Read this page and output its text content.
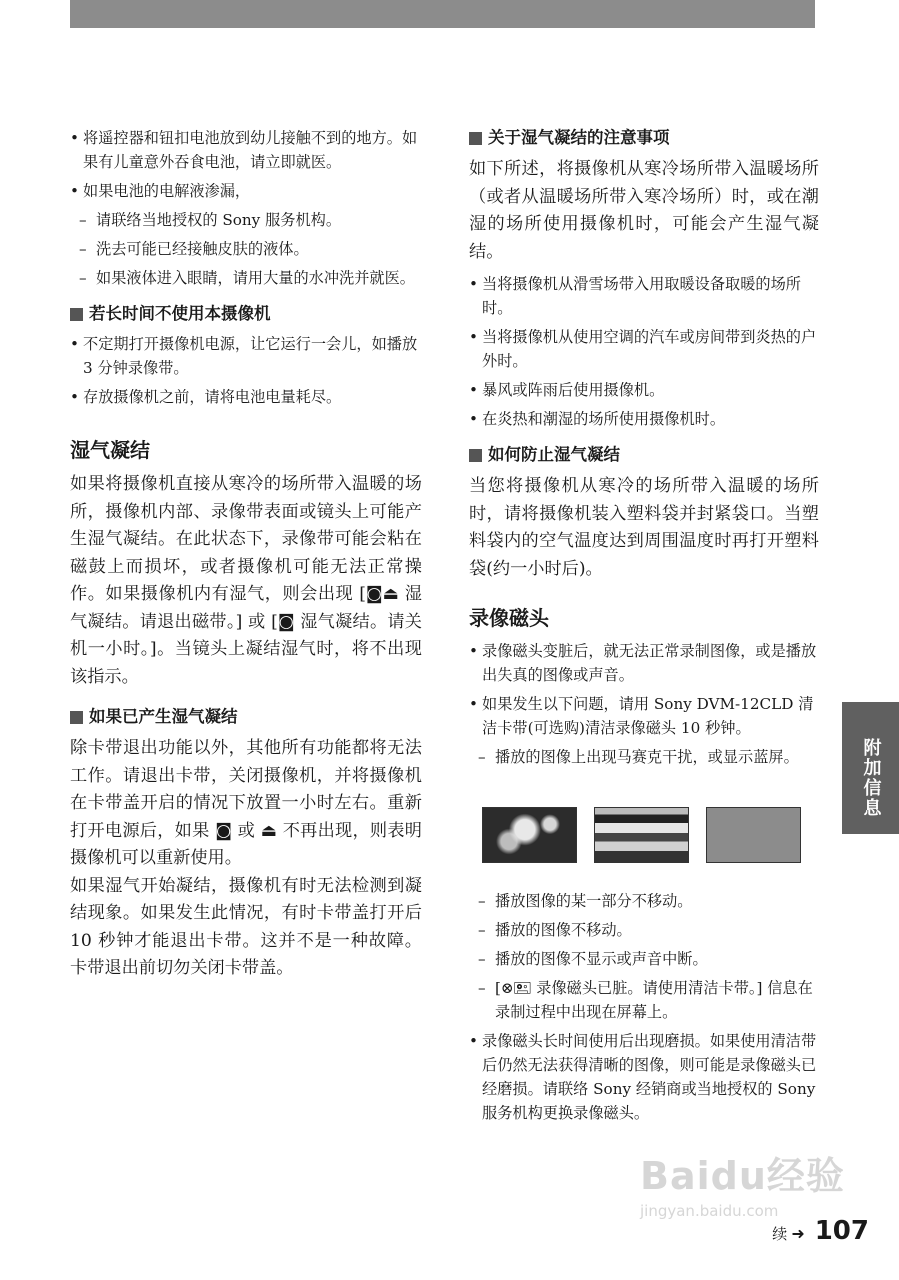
• 将遥控器和钮扣电池放到幼儿接触不到的地方。如果有儿童意外吞食电池，请立即就医。
• 如果电池的电解液渗漏，
– 请联络当地授权的 Sony 服务机构。
– 洗去可能已经接触皮肤的液体。
– 如果液体进入眼睛，请用大量的水冲洗并就医。
若长时间不使用本摄像机
• 不定期打开摄像机电源，让它运行一会儿，如播放 3 分钟录像带。
• 存放摄像机之前，请将电池电量耗尽。
湿气凝结

如果将摄像机直接从寒冷的场所带入温暖的场所，摄像机内部、录像带表面或镜头上可能产生湿气凝结。在此状态下，录像带可能会粘在磁鼓上而损坏，或者摄像机可能无法正常操作。如果摄像机内有湿气，则会出现 [◙⏏ 湿气凝结。请退出磁带。] 或 [◙ 湿气凝结。请关机一小时。]。当镜头上凝结湿气时，将不出现该指示。

如果已产生湿气凝结

除卡带退出功能以外，其他所有功能都将无法工作。请退出卡带，关闭摄像机，并将摄像机在卡带盖开启的情况下放置一小时左右。重新打开电源后，如果 ◙ 或 ⏏ 不再出现，则表明摄像机可以重新使用。

如果湿气开始凝结，摄像机有时无法检测到凝结现象。如果发生此情况，有时卡带盖打开后 10 秒钟才能退出卡带。这并不是一种故障。卡带退出前切勿关闭卡带盖。

关于湿气凝结的注意事项

如下所述，将摄像机从寒冷场所带入温暖场所（或者从温暖场所带入寒冷场所）时，或在潮湿的场所使用摄像机时，可能会产生湿气凝结。

• 当将摄像机从滑雪场带入用取暖设备取暖的场所时。
• 当将摄像机从使用空调的汽车或房间带到炎热的户外时。
• 暴风或阵雨后使用摄像机。
• 在炎热和潮湿的场所使用摄像机时。
如何防止湿气凝结

当您将摄像机从寒冷的场所带入温暖的场所时，请将摄像机装入塑料袋并封紧袋口。当塑料袋内的空气温度达到周围温度时再打开塑料袋(约一小时后)。

录像磁头
• 录像磁头变脏后，就无法正常录制图像，或是播放出失真的图像或声音。
• 如果发生以下问题，请用 Sony DVM-12CLD 清洁卡带(可选购)清洁录像磁头 10 秒钟。
– 播放的图像上出现马赛克干扰，或显示蓝屏。
– 播放图像的某一部分不移动。
– 播放的图像不移动。
– 播放的图像不显示或声音中断。
– [⊗🖭 录像磁头已脏。请使用清洁卡带。] 信息在录制过程中出现在屏幕上。
• 录像磁头长时间使用后出现磨损。如果使用清洁带后仍然无法获得清晰的图像，则可能是录像磁头已经磨损。请联络 Sony 经销商或当地授权的 Sony 服务机构更换录像磁头。
附加信息
Baidu经验
jingyan.baidu.com
续 ➜ 107
